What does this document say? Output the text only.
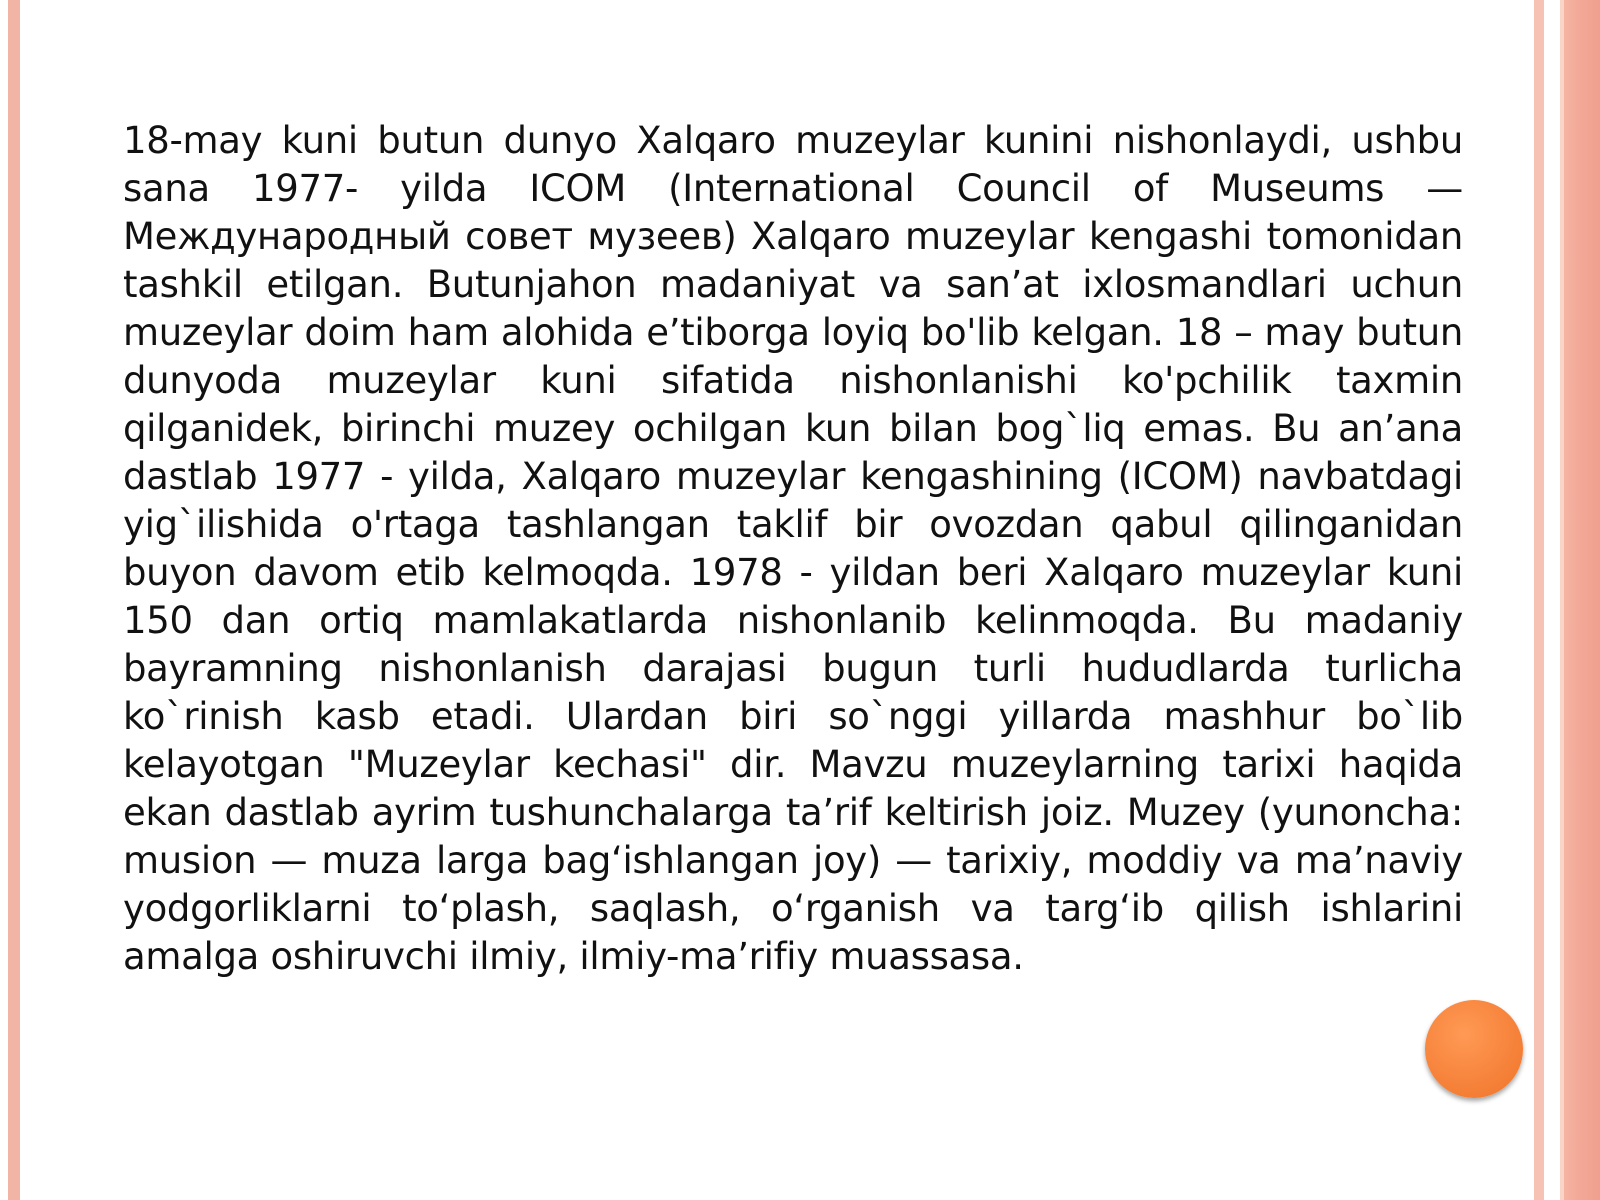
18-may kuni butun dunyo Xalqaro muzeylar kunini nishonlaydi, ushbu sana 1977- yilda ICOM (International Council of Museums — Международный совет музеев) Xalqaro muzeylar kengashi tomonidan tashkil etilgan. Butunjahon madaniyat va san’at ixlosmandlari uchun muzeylar doim ham alohida e’tiborga loyiq bo'lib kelgan. 18 – may butun dunyoda muzeylar kuni sifatida nishonlanishi ko'pchilik taxmin qilganidek, birinchi muzey ochilgan kun bilan bog`liq emas. Bu an’ana dastlab 1977 - yilda, Xalqaro muzeylar kengashining (ICOM) navbatdagi yig`ilishida o'rtaga tashlangan taklif bir ovozdan qabul qilinganidan buyon davom etib kelmoqda. 1978 - yildan beri Xalqaro muzeylar kuni 150 dan ortiq mamlakatlarda nishonlanib kelinmoqda. Bu madaniy bayramning nishonlanish darajasi bugun turli hududlarda turlicha ko`rinish kasb etadi. Ulardan biri so`nggi yillarda mashhur bo`lib kelayotgan "Muzeylar kechasi" dir. Mavzu muzeylarning tarixi haqida ekan dastlab ayrim tushunchalarga ta’rif keltirish joiz. Muzey (yunoncha: musion — muza larga bag‘ishlangan joy) — tarixiy, moddiy va ma’naviy yodgorliklarni to‘plash, saqlash, o‘rganish va targ‘ib qilish ishlarini amalga oshiruvchi ilmiy, ilmiy-ma’rifiy muassasa.
